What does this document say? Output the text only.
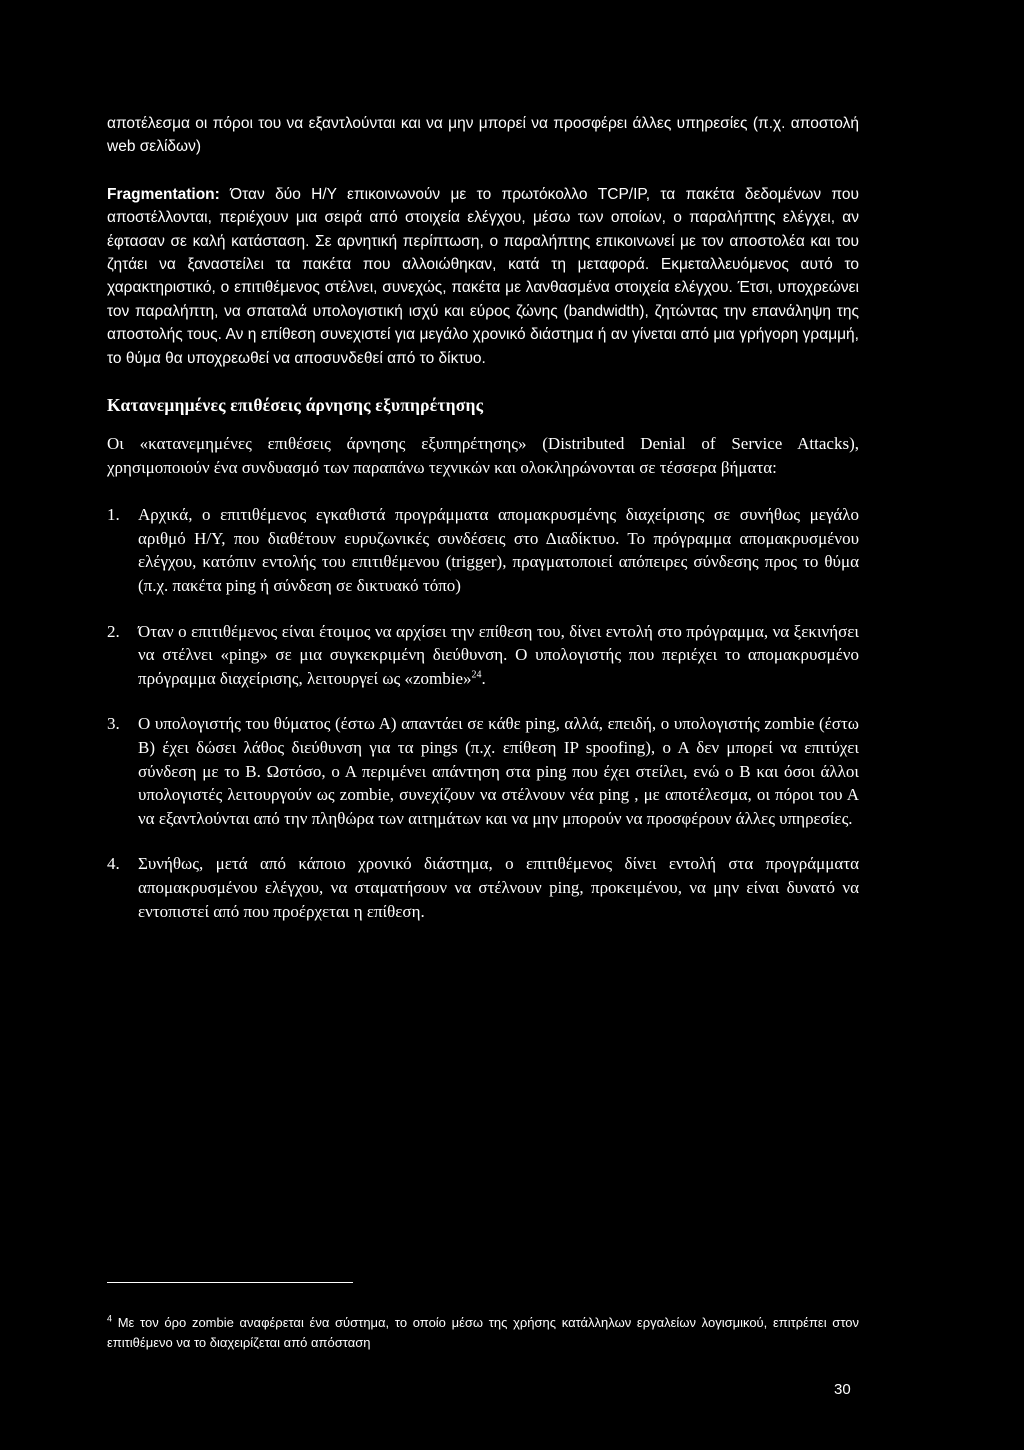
αποτέλεσμα οι πόροι του να εξαντλούνται και να μην μπορεί να προσφέρει άλλες υπηρεσίες (π.χ. αποστολή web σελίδων)

Fragmentation: Όταν δύο Η/Υ επικοινωνούν με το πρωτόκολλο TCP/IP, τα πακέτα δεδομένων που αποστέλλονται, περιέχουν μια σειρά από στοιχεία ελέγχου, μέσω των οποίων, ο παραλήπτης ελέγχει, αν έφτασαν σε καλή κατάσταση. Σε αρνητική περίπτωση, ο παραλήπτης επικοινωνεί με τον αποστολέα και του ζητάει να ξαναστείλει τα πακέτα που αλλοιώθηκαν, κατά τη μεταφορά. Εκμεταλλευόμενος αυτό το χαρακτηριστικό, ο επιτιθέμενος στέλνει, συνεχώς, πακέτα με λανθασμένα στοιχεία ελέγχου. Έτσι, υποχρεώνει τον παραλήπτη, να σπαταλά υπολογιστική ισχύ και εύρος ζώνης (bandwidth), ζητώντας την επανάληψη της αποστολής τους. Αν η επίθεση συνεχιστεί για μεγάλο χρονικό διάστημα ή αν γίνεται από μια γρήγορη γραμμή, το θύμα θα υποχρεωθεί να αποσυνδεθεί από το δίκτυο.

Κατανεμημένες επιθέσεις άρνησης εξυπηρέτησης

Οι «κατανεμημένες επιθέσεις άρνησης εξυπηρέτησης» (Distributed Denial of Service Attacks), χρησιμοποιούν ένα συνδυασμό των παραπάνω τεχνικών και ολοκληρώνονται σε τέσσερα βήματα:

1. Αρχικά, ο επιτιθέμενος εγκαθιστά προγράμματα απομακρυσμένης διαχείρισης σε συνήθως μεγάλο αριθμό Η/Υ, που διαθέτουν ευρυζωνικές συνδέσεις στο Διαδίκτυο. Το πρόγραμμα απομακρυσμένου ελέγχου, κατόπιν εντολής του επιτιθέμενου (trigger), πραγματοποιεί απόπειρες σύνδεσης προς το θύμα (π.χ. πακέτα ping ή σύνδεση σε δικτυακό τόπο)

2. Όταν ο επιτιθέμενος είναι έτοιμος να αρχίσει την επίθεση του, δίνει εντολή στο πρόγραμμα, να ξεκινήσει να στέλνει «ping» σε μια συγκεκριμένη διεύθυνση. Ο υπολογιστής που περιέχει το απομακρυσμένο πρόγραμμα διαχείρισης, λειτουργεί ως «zombie»$^{24}$.

3. Ο υπολογιστής του θύματος (έστω Α) απαντάει σε κάθε ping, αλλά, επειδή, ο υπολογιστής zombie (έστω Β) έχει δώσει λάθος διεύθυνση για τα pings (π.χ. επίθεση IP spoofing), ο Α δεν μπορεί να επιτύχει σύνδεση με το Β. Ωστόσο, ο Α περιμένει απάντηση στα ping που έχει στείλει, ενώ ο Β και όσοι άλλοι υπολογιστές λειτουργούν ως zombie, συνεχίζουν να στέλνουν νέα ping , με αποτέλεσμα, οι πόροι του Α να εξαντλούνται από την πληθώρα των αιτημάτων και να μην μπορούν να προσφέρουν άλλες υπηρεσίες.

4. Συνήθως, μετά από κάποιο χρονικό διάστημα, ο επιτιθέμενος δίνει εντολή στα προγράμματα απομακρυσμένου ελέγχου, να σταματήσουν να στέλνουν ping, προκειμένου, να μην είναι δυνατό να εντοπιστεί από που προέρχεται η επίθεση.

$^4$ Με τον όρο zombie αναφέρεται ένα σύστημα, το οποίο μέσω της χρήσης κατάλληλων εργαλείων λογισμικού, επιτρέπει στον επιτιθέμενο να το διαχειρίζεται από απόσταση

30
